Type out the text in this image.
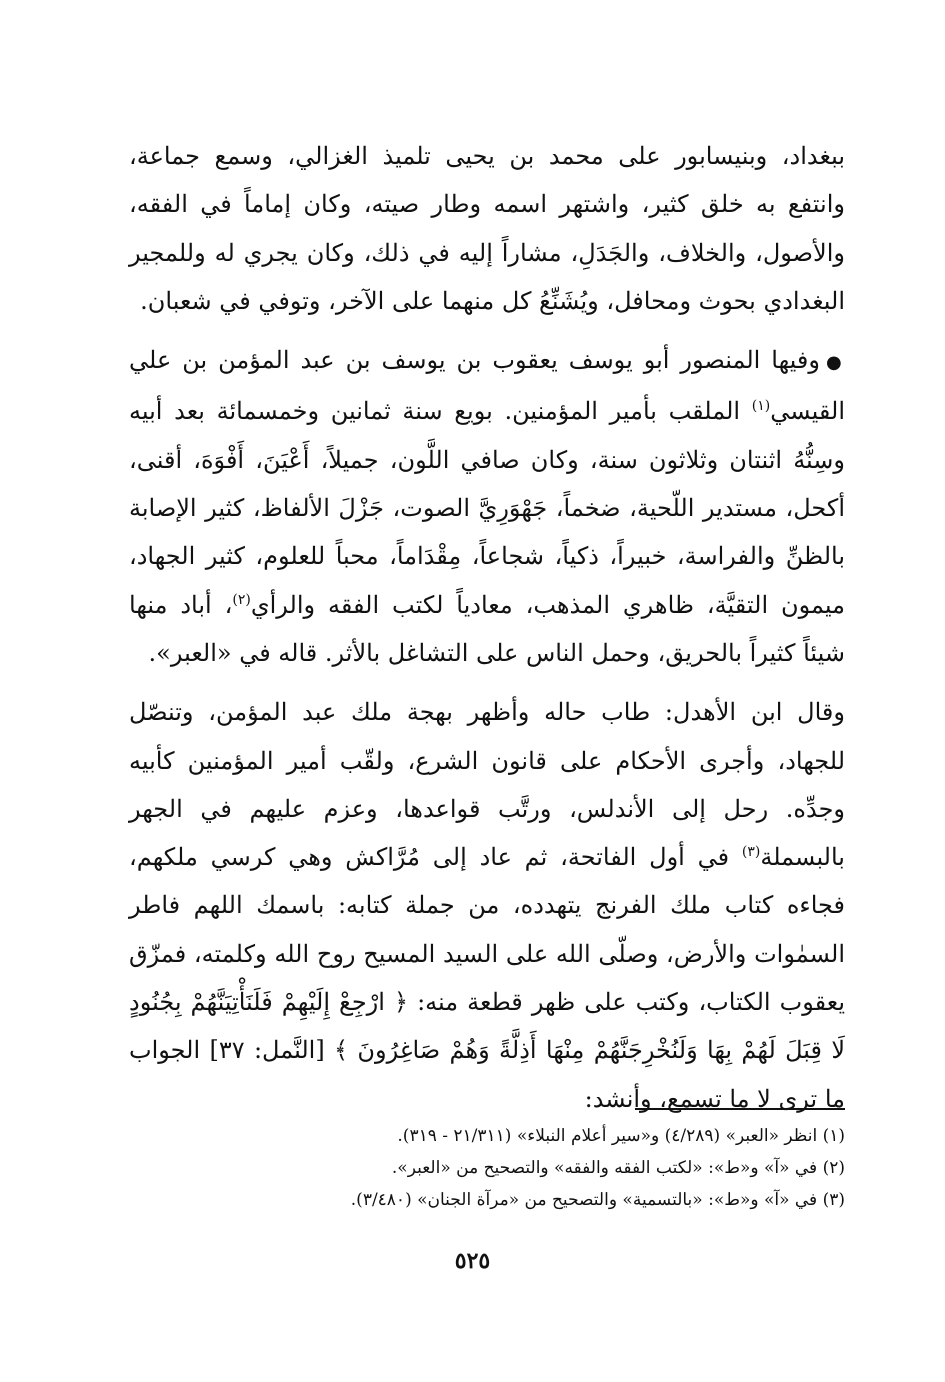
ببغداد، وبنيسابور على محمد بن يحيى تلميذ الغزالي، وسمع جماعة، وانتفع به خلق كثير، واشتهر اسمه وطار صيته، وكان إماماً في الفقه، والأصول، والخلاف، والجَدَلِ، مشاراً إليه في ذلك، وكان يجري له وللمجير البغدادي بحوث ومحافل، ويُشَنِّعُ كل منهما على الآخر، وتوفي في شعبان.

●وفيها المنصور أبو يوسف يعقوب بن يوسف بن عبد المؤمن بن علي القيسي$^{(١)}$ الملقب بأمير المؤمنين. بويع سنة ثمانين وخمسمائة بعد أبيه وسِنُّهُ اثنتان وثلاثون سنة، وكان صافي اللَّون، جميلاً، أَعْيَنَ، أَفْوَهَ، أقنى، أكحل، مستدير اللّحية، ضخماً، جَهْوَرِيَّ الصوت، جَزْلَ الألفاظ، كثير الإصابة بالظنِّ والفراسة، خبيراً، ذكياً، شجاعاً، مِقْدَاماً، محباً للعلوم، كثير الجهاد، ميمون التقيَّة، ظاهري المذهب، معادياً لكتب الفقه والرأي$^{(٢)}$، أباد منها شيئاً كثيراً بالحريق، وحمل الناس على التشاغل بالأثر. قاله في «العبر».

وقال ابن الأهدل: طاب حاله وأظهر بهجة ملك عبد المؤمن، وتنصّل للجهاد، وأجرى الأحكام على قانون الشرع، ولقّب أمير المؤمنين كأبيه وجدِّه. رحل إلى الأندلس، ورتَّب قواعدها، وعزم عليهم في الجهر بالبسملة$^{(٣)}$ في أول الفاتحة، ثم عاد إلى مُرَّاكش وهي كرسي ملكهم، فجاءه كتاب ملك الفرنج يتهدده، من جملة كتابه: باسمك اللهم فاطر السمٰوات والأرض، وصلّى الله على السيد المسيح روح الله وكلمته، فمزّق يعقوب الكتاب، وكتب على ظهر قطعة منه: ﴿ ارْجِعْ إِلَيْهِمْ فَلَنَأْتِيَنَّهُمْ بِجُنُودٍ لَا قِبَلَ لَهُمْ بِهَا وَلَنُخْرِجَنَّهُمْ مِنْهَا أَذِلَّةً وَهُمْ صَاغِرُونَ ﴾ [النَّمل: ٣٧] الجواب ما ترى لا ما تسمع، وأنشد:

(١) انظر «العبر» (٤/٢٨٩) و«سير أعلام النبلاء» (٢١/٣١١ - ٣١٩).
(٢) في «آ» و«ط»: «لكتب الفقه والفقه» والتصحيح من «العبر».
(٣) في «آ» و«ط»: «بالتسمية» والتصحيح من «مرآة الجنان» (٣/٤٨٠).
٥٢٥
